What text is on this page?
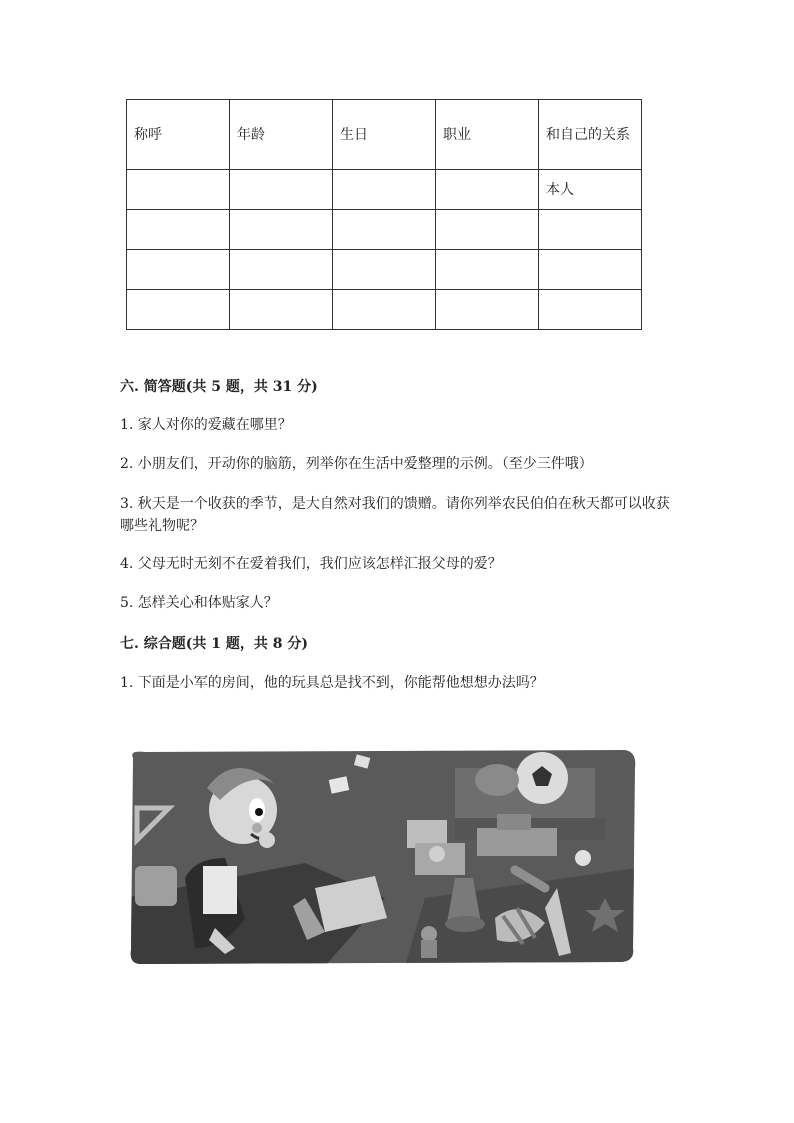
称呼	年龄	生日	职业	和自己的关系
				本人

六. 简答题(共 5 题，共 31 分)

1. 家人对你的爱藏在哪里？

2. 小朋友们，开动你的脑筋，列举你在生活中爱整理的示例。（至少三件哦）

3. 秋天是一个收获的季节，是大自然对我们的馈赠。请你列举农民伯伯在秋天都可以收获哪些礼物呢？

4. 父母无时无刻不在爱着我们，我们应该怎样汇报父母的爱？

5. 怎样关心和体贴家人？

七. 综合题(共 1 题，共 8 分)

1. 下面是小军的房间，他的玩具总是找不到，你能帮他想想办法吗？
